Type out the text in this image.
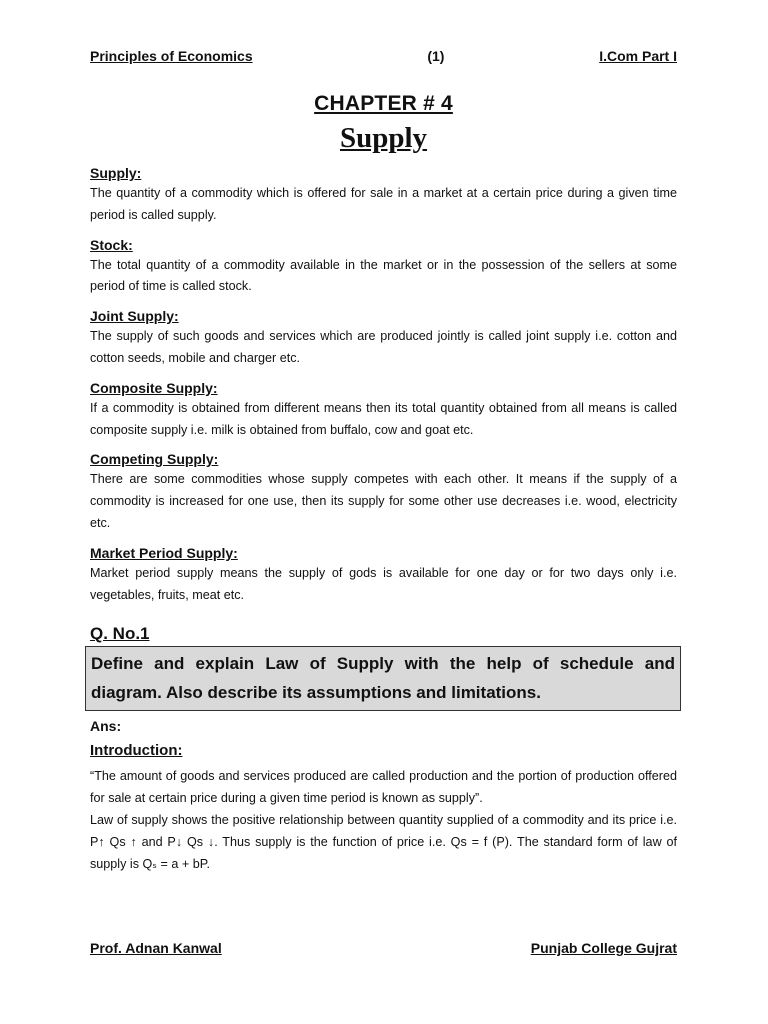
Principles of Economics	(1)	I.Com Part I
CHAPTER # 4
Supply
Supply:

The quantity of a commodity which is offered for sale in a market at a certain price during a given time period is called supply.

Stock:

The total quantity of a commodity available in the market or in the possession of the sellers at some period of time is called stock.

Joint Supply:

The supply of such goods and services which are produced jointly is called joint supply i.e. cotton and cotton seeds, mobile and charger etc.

Composite Supply:

If a commodity is obtained from different means then its total quantity obtained from all means is called composite supply i.e. milk is obtained from buffalo, cow and goat etc.

Competing Supply:

There are some commodities whose supply competes with each other. It means if the supply of a commodity is increased for one use, then its supply for some other use decreases i.e. wood, electricity etc.

Market Period Supply:

Market period supply means the supply of gods is available for one day or for two days only i.e. vegetables, fruits, meat etc.

Q. No.1
Define and explain Law of Supply with the help of schedule and diagram. Also describe its assumptions and limitations.
Ans:
Introduction:

“The amount of goods and services produced are called production and the portion of production offered for sale at certain price during a given time period is known as supply”.

Law of supply shows the positive relationship between quantity supplied of a commodity and its price i.e. P↑ Qs ↑ and P↓ Qs ↓. Thus supply is the function of price i.e. Qs = f (P). The standard form of law of supply is Qₛ = a + bP.

Prof. Adnan Kanwal	Punjab College Gujrat
